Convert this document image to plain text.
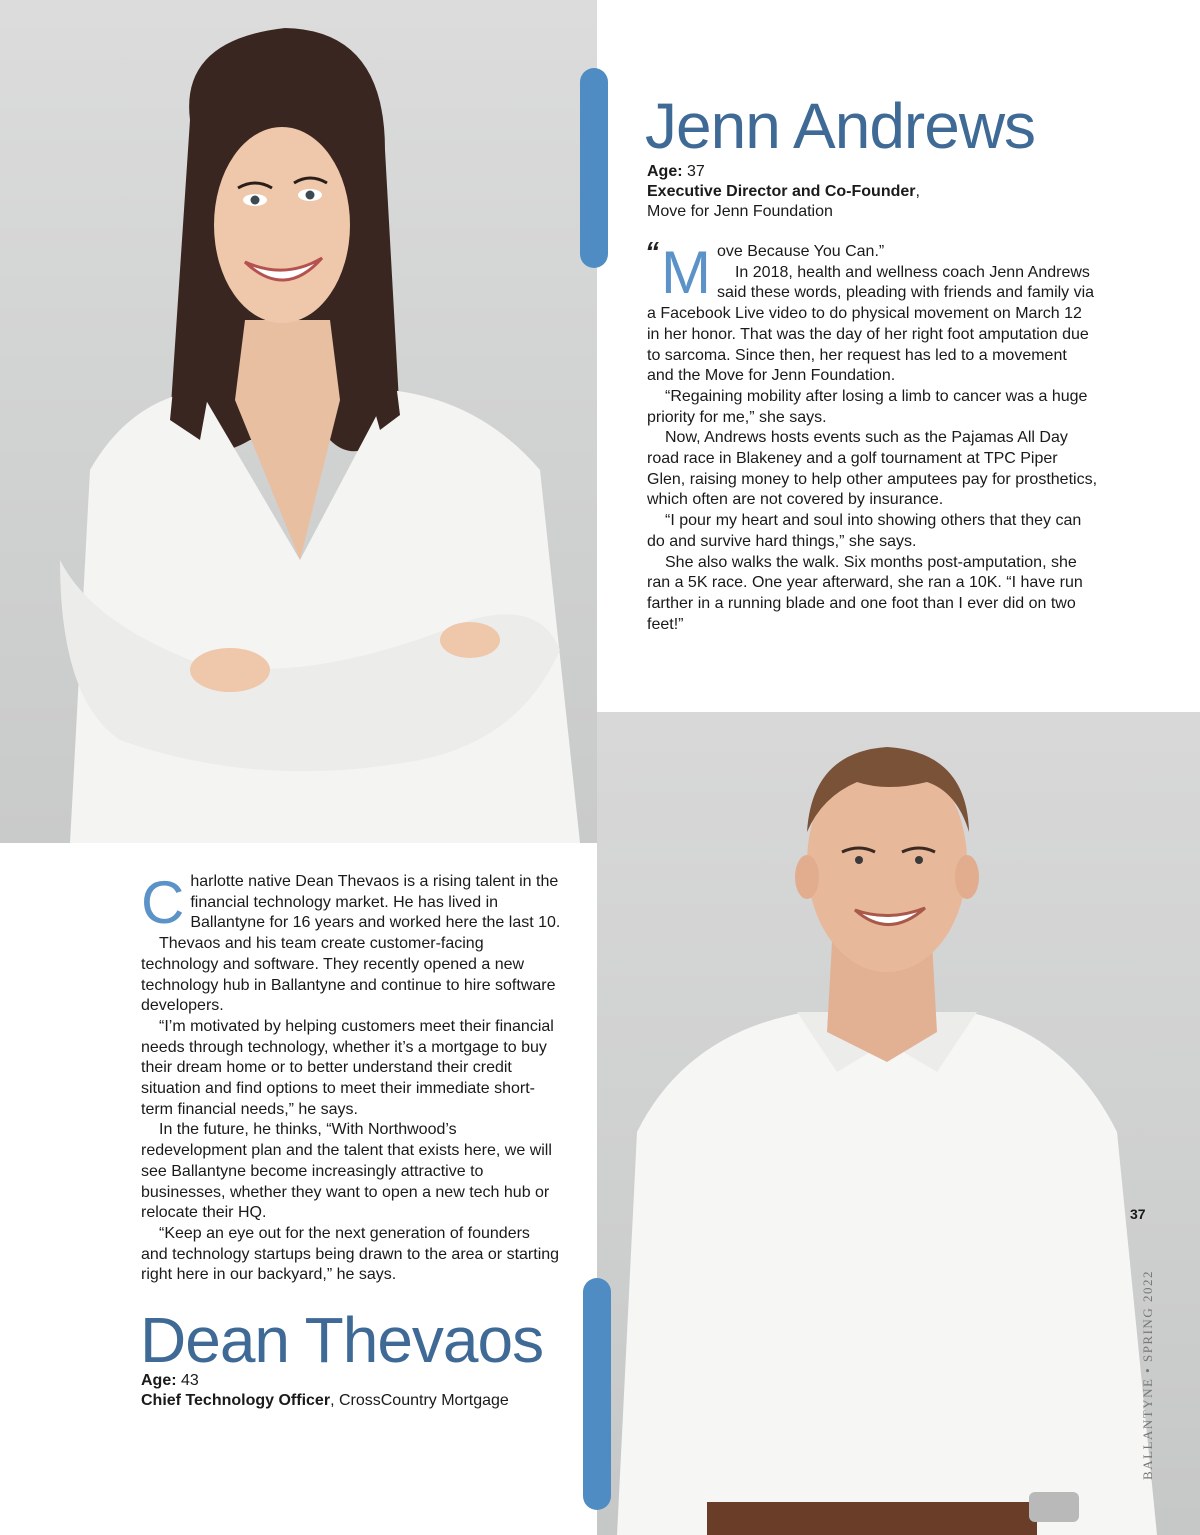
Jenn Andrews
Age: 37
Executive Director and Co-Founder,
Move for Jenn Foundation
“ Move Because You Can.”

In 2018, health and wellness coach Jenn Andrews said these words, pleading with friends and family via a Facebook Live video to do physical movement on March 12 in her honor. That was the day of her right foot amputation due to sarcoma. Since then, her request has led to a movement and the Move for Jenn Foundation.

“Regaining mobility after losing a limb to cancer was a huge priority for me,” she says.

Now, Andrews hosts events such as the Pajamas All Day road race in Blakeney and a golf tournament at TPC Piper Glen, raising money to help other amputees pay for prosthetics, which often are not covered by insurance.

“I pour my heart and soul into showing others that they can do and survive hard things,” she says.

She also walks the walk. Six months post-amputation, she ran a 5K race. One year afterward, she ran a 10K. “I have run farther in a running blade and one foot than I ever did on two feet!”

Charlotte native Dean Thevaos is a rising talent in the financial technology market. He has lived in Ballantyne for 16 years and worked here the last 10.

Thevaos and his team create customer-facing technology and software. They recently opened a new technology hub in Ballantyne and continue to hire software developers.

“I’m motivated by helping customers meet their financial needs through technology, whether it’s a mortgage to buy their dream home or to better understand their credit situation and find options to meet their immediate short-term financial needs,” he says.

In the future, he thinks, “With Northwood’s redevelopment plan and the talent that exists here, we will see Ballantyne become increasingly attractive to businesses, whether they want to open a new tech hub or relocate their HQ.

“Keep an eye out for the next generation of founders and technology startups being drawn to the area or starting right here in our backyard,” he says.

Dean Thevaos
Age: 43
Chief Technology Officer, CrossCountry Mortgage
37
BALLANTYNE • SPRING 2022
